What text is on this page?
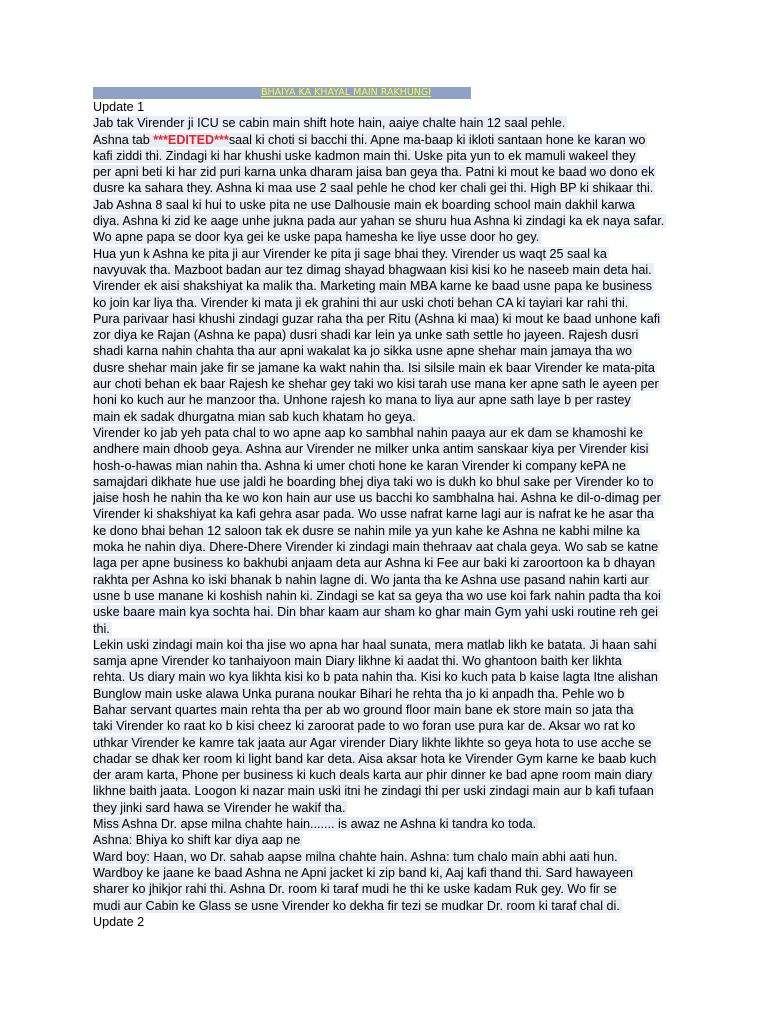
BHAIYA KA KHAYAL MAIN RAKHUNGI
Update 1
Jab tak Virender ji ICU se cabin main shift hote hain, aaiye chalte hain 12 saal pehle.
Ashna tab ***EDITED***saal ki choti si bacchi thi. Apne ma-baap ki ikloti santaan hone ke karan wo
kafi ziddi thi. Zindagi ki har khushi uske kadmon main thi. Uske pita yun to ek mamuli wakeel they
per apni beti ki har zid puri karna unka dharam jaisa ban geya tha. Patni ki mout ke baad wo dono ek
dusre ka sahara they. Ashna ki maa use 2 saal pehle he chod ker chali gei thi. High BP ki shikaar thi.
Jab Ashna 8 saal ki hui to uske pita ne use Dalhousie main ek boarding school main dakhil karwa
diya. Ashna ki zid ke aage unhe jukna pada aur yahan se shuru hua Ashna ki zindagi ka ek naya safar.
Wo apne papa se door kya gei ke uske papa hamesha ke liye usse door ho gey.
Hua yun k Ashna ke pita ji aur Virender ke pita ji sage bhai they. Virender us waqt 25 saal ka
navyuvak tha. Mazboot badan aur tez dimag shayad bhagwaan kisi kisi ko he naseeb main deta hai.
Virender ek aisi shakshiyat ka malik tha. Marketing main MBA karne ke baad usne papa ke business
ko join kar liya tha. Virender ki mata ji ek grahini thi aur uski choti behan CA ki tayiari kar rahi thi.
Pura parivaar hasi khushi zindagi guzar raha tha per Ritu (Ashna ki maa) ki mout ke baad unhone kafi
zor diya ke Rajan (Ashna ke papa) dusri shadi kar lein ya unke sath settle ho jayeen. Rajesh dusri
shadi karna nahin chahta tha aur apni wakalat ka jo sikka usne apne shehar main jamaya tha wo
dusre shehar main jake fir se jamane ka wakt nahin tha. Isi silsile main ek baar Virender ke mata-pita
aur choti behan ek baar Rajesh ke shehar gey taki wo kisi tarah use mana ker apne sath le ayeen per
honi ko kuch aur he manzoor tha. Unhone rajesh ko mana to liya aur apne sath laye b per rastey
main ek sadak dhurgatna mian sab kuch khatam ho geya.
Virender ko jab yeh pata chal to wo apne aap ko sambhal nahin paaya aur ek dam se khamoshi ke
andhere main dhoob geya. Ashna aur Virender ne milker unka antim sanskaar kiya per Virender kisi
hosh-o-hawas mian nahin tha. Ashna ki umer choti hone ke karan Virender ki company kePA ne
samajdari dikhate hue use jaldi he boarding bhej diya taki wo is dukh ko bhul sake per Virender ko to
jaise hosh he nahin tha ke wo kon hain aur use us bacchi ko sambhalna hai. Ashna ke dil-o-dimag per
Virender ki shakshiyat ka kafi gehra asar pada. Wo usse nafrat karne lagi aur is nafrat ke he asar tha
ke dono bhai behan 12 saloon tak ek dusre se nahin mile ya yun kahe ke Ashna ne kabhi milne ka
moka he nahin diya. Dhere-Dhere Virender ki zindagi main thehraav aat chala geya. Wo sab se katne
laga per apne business ko bakhubi anjaam deta aur Ashna ki Fee aur baki ki zaroortoon ka b dhayan
rakhta per Ashna ko iski bhanak b nahin lagne di. Wo janta tha ke Ashna use pasand nahin karti aur
usne b use manane ki koshish nahin ki. Zindagi se kat sa geya tha wo use koi fark nahin padta tha koi
uske baare main kya sochta hai. Din bhar kaam aur sham ko ghar main Gym yahi uski routine reh gei
thi.
Lekin uski zindagi main koi tha jise wo apna har haal sunata, mera matlab likh ke batata. Ji haan sahi
samja apne Virender ko tanhaiyoon main Diary likhne ki aadat thi. Wo ghantoon baith ker likhta
rehta. Us diary main wo kya likhta kisi ko b pata nahin tha. Kisi ko kuch pata b kaise lagta Itne alishan
Bunglow main uske alawa Unka purana noukar Bihari he rehta tha jo ki anpadh tha. Pehle wo b
Bahar servant quartes main rehta tha per ab wo ground floor main bane ek store main so jata tha
taki Virender ko raat ko b kisi cheez ki zaroorat pade to wo foran use pura kar de. Aksar wo rat ko
uthkar Virender ke kamre tak jaata aur Agar virender Diary likhte likhte so geya hota to use acche se
chadar se dhak ker room ki light band kar deta. Aisa aksar hota ke Virender Gym karne ke baab kuch
der aram karta, Phone per business ki kuch deals karta aur phir dinner ke bad apne room main diary
likhne baith jaata. Loogon ki nazar main uski itni he zindagi thi per uski zindagi main aur b kafi tufaan
they jinki sard hawa se Virender he wakif tha.
Miss Ashna Dr. apse milna chahte hain....... is awaz ne Ashna ki tandra ko toda.
Ashna: Bhiya ko shift kar diya aap ne
Ward boy: Haan, wo Dr. sahab aapse milna chahte hain. Ashna: tum chalo main abhi aati hun.
Wardboy ke jaane ke baad Ashna ne Apni jacket ki zip band ki, Aaj kafi thand thi. Sard hawayeen
sharer ko jhikjor rahi thi. Ashna Dr. room ki taraf mudi he thi ke uske kadam Ruk gey. Wo fir se
mudi aur Cabin ke Glass se usne Virender ko dekha fir tezi se mudkar Dr. room ki taraf chal di.
Update 2
